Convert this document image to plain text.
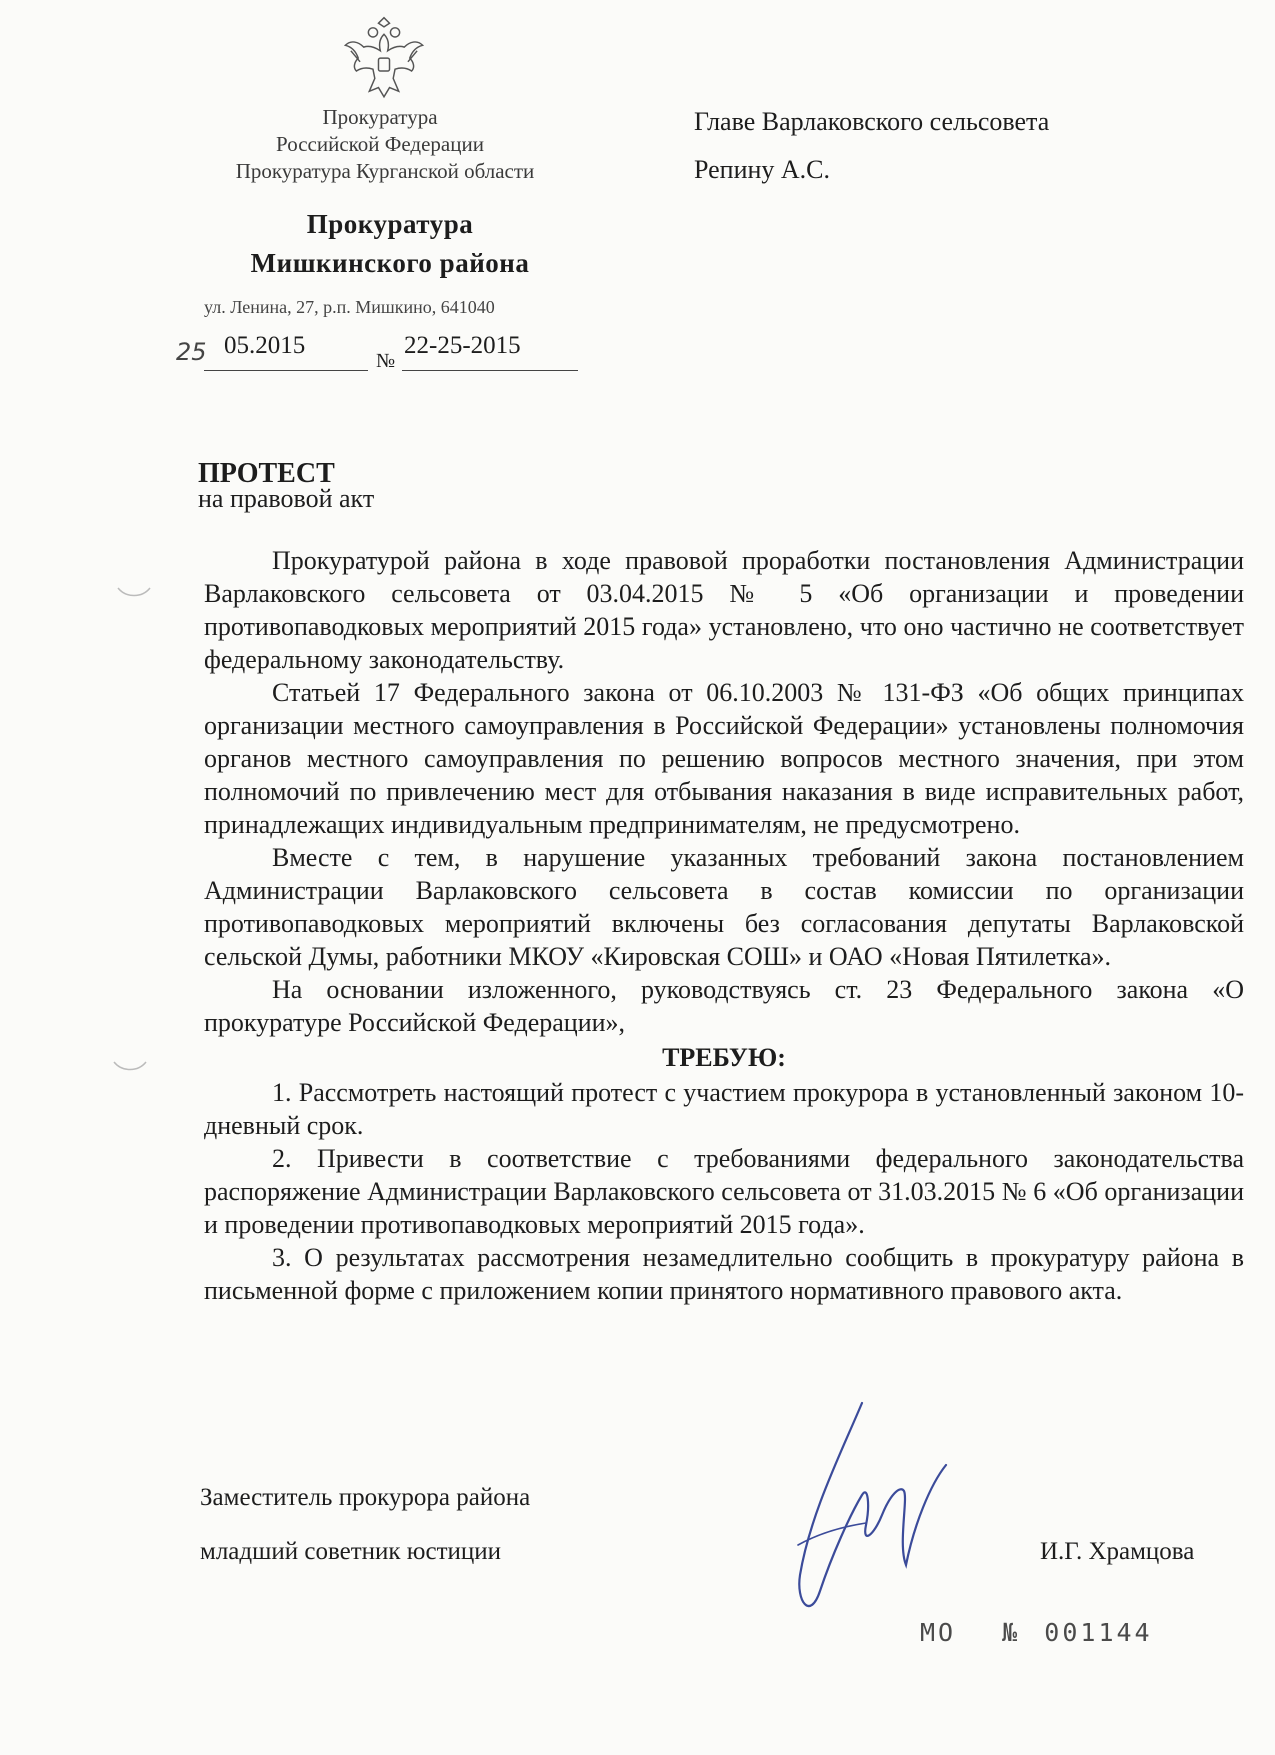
Прокуратура
Российской Федерации
Прокуратура Курганской области
Прокуратура
Мишкинского района
ул. Ленина, 27, р.п. Мишкино, 641040
25 05.2015
№
22-25-2015
Главе Варлаковского сельсовета
Репину А.С.
ПРОТЕСТ
на правовой акт

Прокуратурой района в ходе правовой проработки постановления Администрации Варлаковского сельсовета от 03.04.2015 № 5 «Об организации и проведении противопаводковых мероприятий 2015 года» установлено, что оно частично не соответствует федеральному законодательству.

Статьей 17 Федерального закона от 06.10.2003 № 131-ФЗ «Об общих принципах организации местного самоуправления в Российской Федерации» установлены полномочия органов местного самоуправления по решению вопросов местного значения, при этом полномочий по привлечению мест для отбывания наказания в виде исправительных работ, принадлежащих индивидуальным предпринимателям, не предусмотрено.

Вместе с тем, в нарушение указанных требований закона постановлением Администрации Варлаковского сельсовета в состав комиссии по организации противопаводковых мероприятий включены без согласования депутаты Варлаковской сельской Думы, работники МКОУ «Кировская СОШ» и ОАО «Новая Пятилетка».

На основании изложенного, руководствуясь ст. 23 Федерального закона «О прокуратуре Российской Федерации»,

ТРЕБУЮ:

1. Рассмотреть настоящий протест с участием прокурора в установленный законом 10-дневный срок.

2. Привести в соответствие с требованиями федерального законодательства распоряжение Администрации Варлаковского сельсовета от 31.03.2015 № 6 «Об организации и проведении противопаводковых мероприятий 2015 года».

3. О результатах рассмотрения незамедлительно сообщить в прокуратуру района в письменной форме с приложением копии принятого нормативного правового акта.

Заместитель прокурора района
младший советник юстиции	И.Г. Храмцова
МО № 001144
